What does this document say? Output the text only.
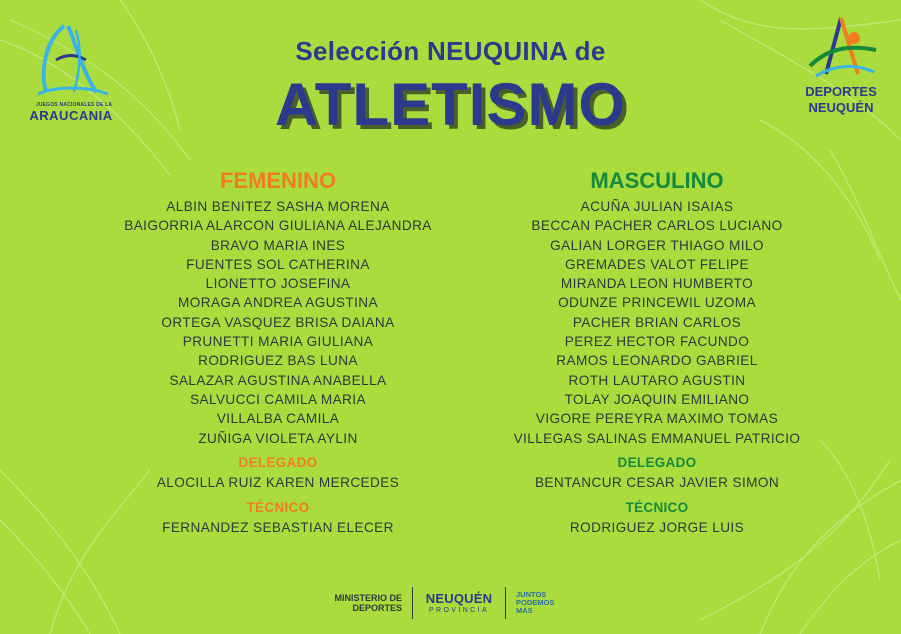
JUEGOS NACIONALES DE LA
ARAUCANIA
DEPORTES
NEUQUÉN
Selección NEUQUINA de
ATLETISMO
FEMENINO
ALBIN BENITEZ SASHA MORENA
BAIGORRIA ALARCON GIULIANA ALEJANDRA
BRAVO MARIA INES
FUENTES SOL CATHERINA
LIONETTO JOSEFINA
MORAGA ANDREA AGUSTINA
ORTEGA VASQUEZ BRISA DAIANA
PRUNETTI MARIA GIULIANA
RODRIGUEZ BAS LUNA
SALAZAR AGUSTINA ANABELLA
SALVUCCI CAMILA MARIA
VILLALBA CAMILA
ZUÑIGA VIOLETA AYLIN
DELEGADO
ALOCILLA RUIZ KAREN MERCEDES
TÉCNICO
FERNANDEZ SEBASTIAN ELECER
MASCULINO
ACUÑA JULIAN ISAIAS
BECCAN PACHER CARLOS LUCIANO
GALIAN LORGER THIAGO MILO
GREMADES VALOT FELIPE
MIRANDA LEON HUMBERTO
ODUNZE PRINCEWIL UZOMA
PACHER BRIAN CARLOS
PEREZ HECTOR FACUNDO
RAMOS LEONARDO GABRIEL
ROTH LAUTARO AGUSTIN
TOLAY JOAQUIN EMILIANO
VIGORE PEREYRA MAXIMO TOMAS
VILLEGAS SALINAS EMMANUEL PATRICIO
DELEGADO
BENTANCUR CESAR JAVIER SIMON
TÉCNICO
RODRIGUEZ JORGE LUIS
MINISTERIO DE
DEPORTES
NEUQUÉN
PROVINCIA
JUNTOS
PODEMOS
MÁS
